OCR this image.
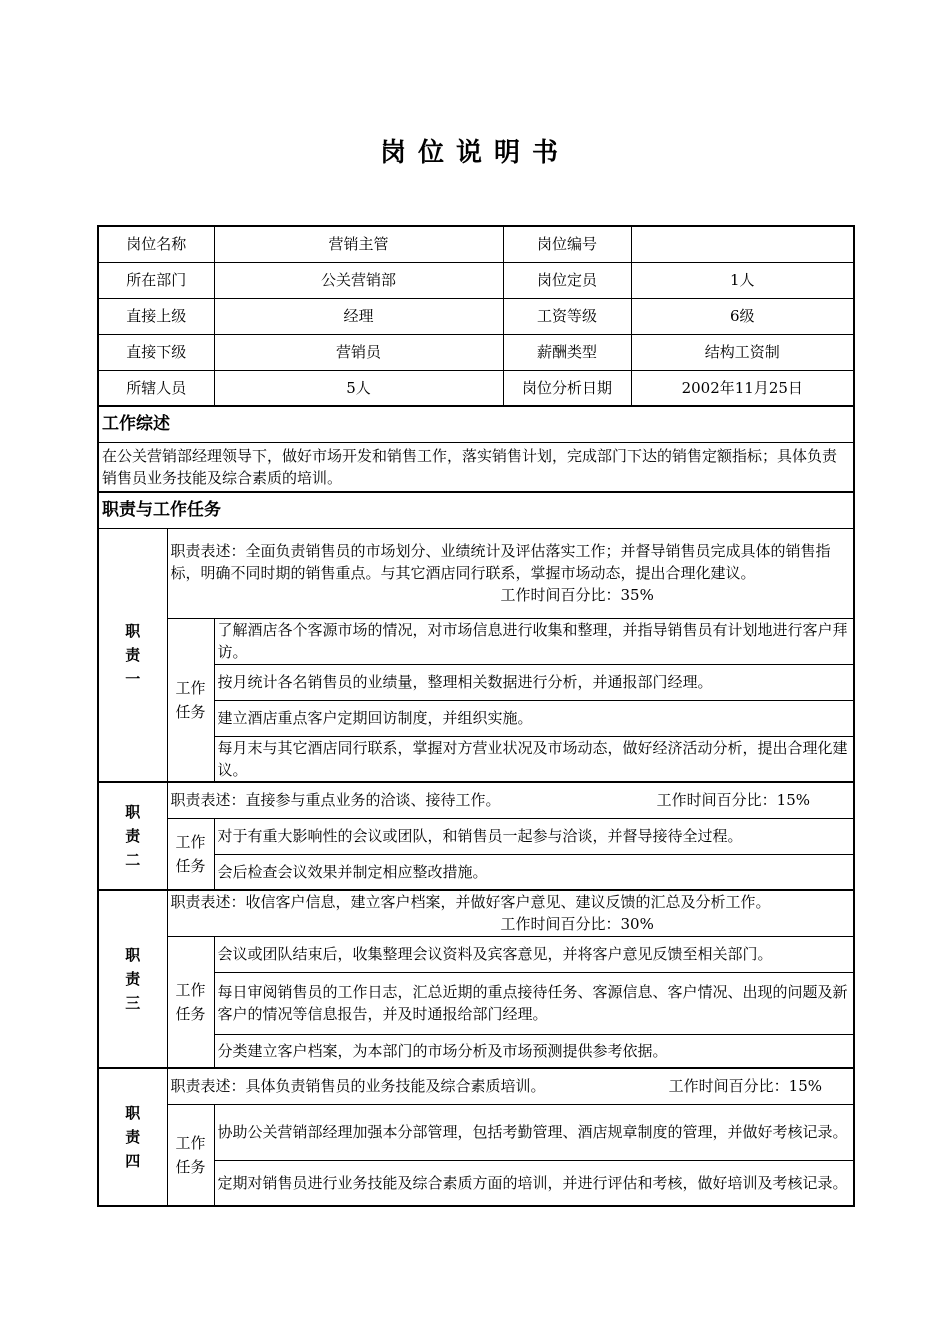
岗位说明书
岗位名称		营销主管	岗位编号	
所在部门		公关营销部	岗位定员	1人
直接上级		经理	工资等级	6级
直接下级		营销员	薪酬类型	结构工资制
所辖人员		5人	岗位分析日期	2002年11月25日
工作综述				
在公关营销部经理领导下，做好市场开发和销售工作，落实销售计划，完成部门下达的销售定额指标；具体负责销售员业务技能及综合素质的培训。				
职责与工作任务				
职责一	职责表述：全面负责销售员的市场划分、业绩统计及评估落实工作；并督导销售员完成具体的销售指标，明确不同时期的销售重点。与其它酒店同行联系，掌握市场动态，提出合理化建议。
工作时间百分比：35%			

	工作任务	了解酒店各个客源市场的情况，对市场信息进行收集和整理，并指导销售员有计划地进行客户拜访。		
		按月统计各名销售员的业绩量，整理相关数据进行分析，并通报部门经理。		
		建立酒店重点客户定期回访制度，并组织实施。		
		每月末与其它酒店同行联系，掌握对方营业状况及市场动态，做好经济活动分析，提出合理化建议。		
职责二	职责表述：直接参与重点业务的洽谈、接待工作。 工作时间百分比：15%			

	工作任务	对于有重大影响性的会议或团队，和销售员一起参与洽谈，并督导接待全过程。		
		会后检查会议效果并制定相应整改措施。		
职责三	职责表述：收信客户信息，建立客户档案，并做好客户意见、建议反馈的汇总及分析工作。
工作时间百分比：30%			

	工作任务	会议或团队结束后，收集整理会议资料及宾客意见，并将客户意见反馈至相关部门。		
		每日审阅销售员的工作日志，汇总近期的重点接待任务、客源信息、客户情况、出现的问题及新客户的情况等信息报告，并及时通报给部门经理。		
		分类建立客户档案，为本部门的市场分析及市场预测提供参考依据。		
职责四	职责表述：具体负责销售员的业务技能及综合素质培训。 工作时间百分比：15%			

	工作任务	协助公关营销部经理加强本分部管理，包括考勤管理、酒店规章制度的管理，并做好考核记录。		
		定期对销售员进行业务技能及综合素质方面的培训，并进行评估和考核，做好培训及考核记录。		
